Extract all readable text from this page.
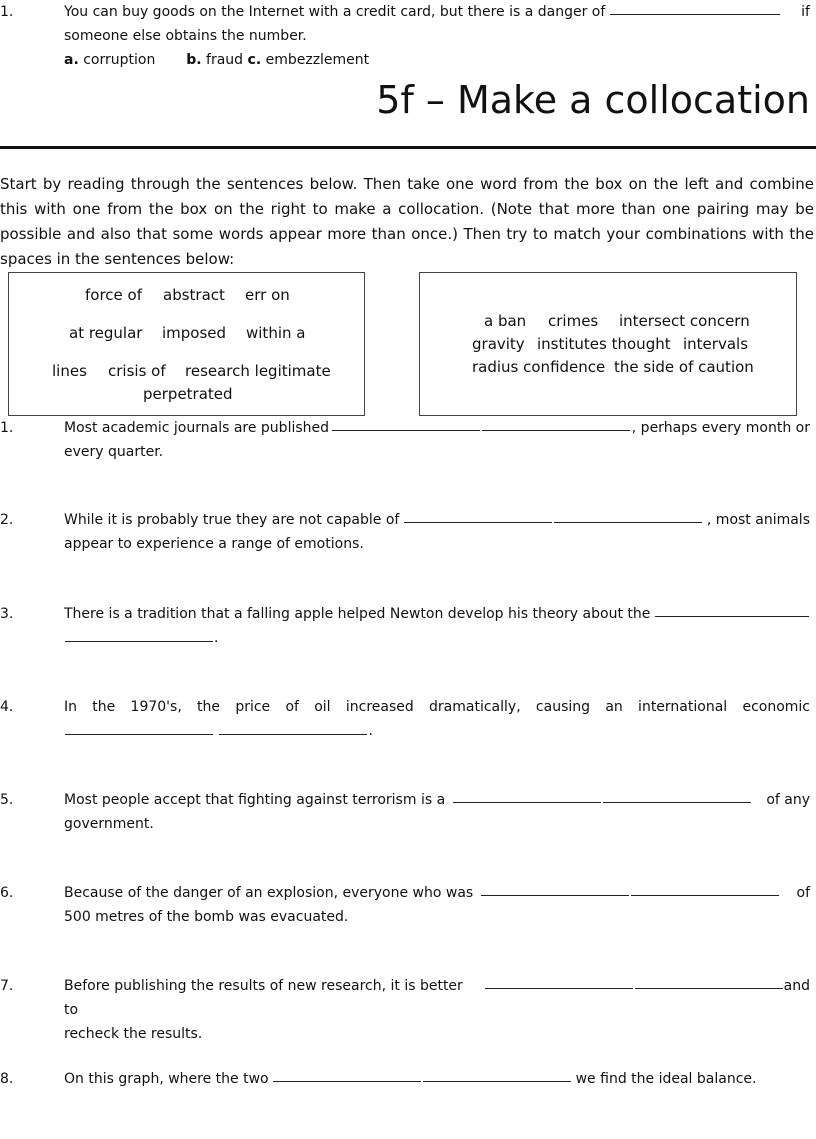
1.	You can buy goods on the Internet with a credit card, but there is a danger of	if
someone else obtains the number.
a. corruption b. fraud c. embezzlement
5f – Make a collocation
Start by reading through the sentences below. Then take one word from the box on the left and combine this with one from the box on the right to make a collocation. (Note that more than one pairing may be possible and also that some words appear more than once.) Then try to match your combinations with the spaces in the sentences below:
force of abstract err on
at regular imposed within a
lines crisis of research legitimate
perpetrated
a ban crimes intersect concern
gravity institutes thought intervals
radius confidence the side of caution
1.	Most academic journals are published	, perhaps every month or
every quarter.
2.	While it is probably true they are not capable of	, most animals
appear to experience a range of emotions.
3.	There is a tradition that a falling apple helped Newton develop his theory about the
.
4.	In the 1970's, the price of oil increased dramatically, causing an international economic
.
5.	Most people accept that fighting against terrorism is a	of any
government.
6.	Because of the danger of an explosion, everyone who was	of
500 metres of the bomb was evacuated.
7.	Before publishing the results of new research, it is better to
and
recheck the results.
8.	On this graph, where the two	we find the ideal balance.
